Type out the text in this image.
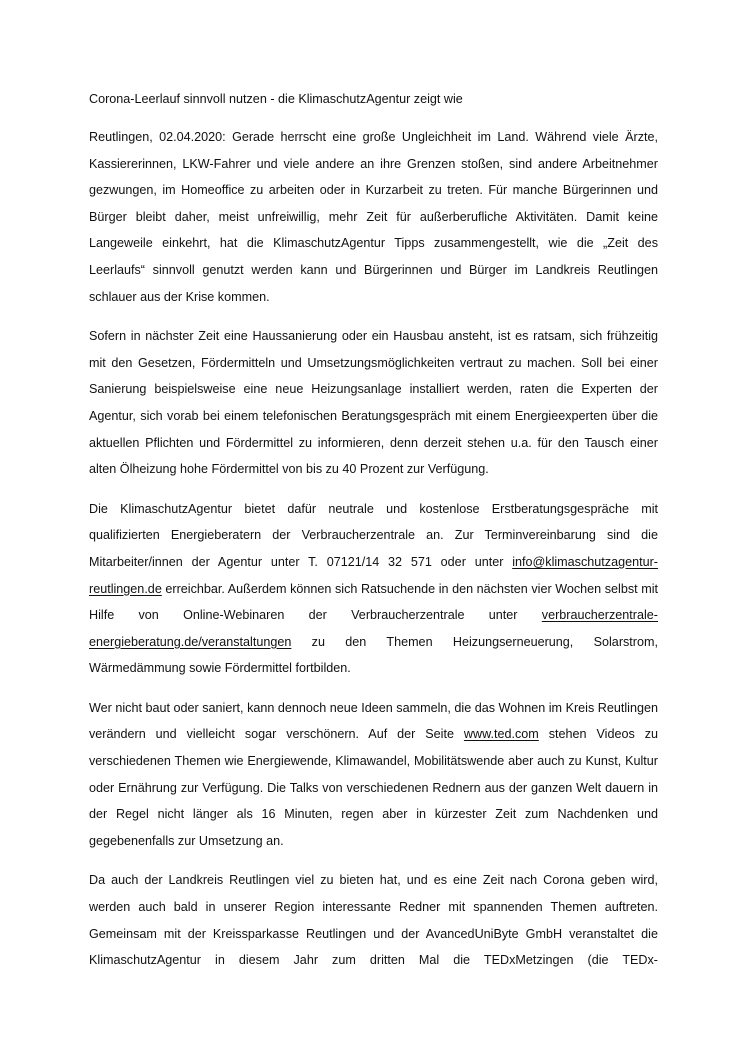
Corona-Leerlauf sinnvoll nutzen - die KlimaschutzAgentur zeigt wie

Reutlingen, 02.04.2020: Gerade herrscht eine große Ungleichheit im Land. Während viele Ärzte, Kassiererinnen, LKW-Fahrer und viele andere an ihre Grenzen stoßen, sind andere Arbeitnehmer gezwungen, im Homeoffice zu arbeiten oder in Kurzarbeit zu treten. Für manche Bürgerinnen und Bürger bleibt daher, meist unfreiwillig, mehr Zeit für außerberufliche Aktivitäten. Damit keine Langeweile einkehrt, hat die KlimaschutzAgentur Tipps zusammengestellt, wie die „Zeit des Leerlaufs“ sinnvoll genutzt werden kann und Bürgerinnen und Bürger im Landkreis Reutlingen schlauer aus der Krise kommen.

Sofern in nächster Zeit eine Haussanierung oder ein Hausbau ansteht, ist es ratsam, sich frühzeitig mit den Gesetzen, Fördermitteln und Umsetzungsmöglichkeiten vertraut zu machen. Soll bei einer Sanierung beispielsweise eine neue Heizungsanlage installiert werden, raten die Experten der Agentur, sich vorab bei einem telefonischen Beratungsgespräch mit einem Energieexperten über die aktuellen Pflichten und Fördermittel zu informieren, denn derzeit stehen u.a. für den Tausch einer alten Ölheizung hohe Fördermittel von bis zu 40 Prozent zur Verfügung.

Die KlimaschutzAgentur bietet dafür neutrale und kostenlose Erstberatungsgespräche mit qualifizierten Energieberatern der Verbraucherzentrale an. Zur Terminvereinbarung sind die Mitarbeiter/innen der Agentur unter T. 07121/14 32 571 oder unter info@klimaschutzagentur-reutlingen.de erreichbar. Außerdem können sich Ratsuchende in den nächsten vier Wochen selbst mit Hilfe von Online-Webinaren der Verbraucherzentrale unter verbraucherzentrale-energieberatung.de/veranstaltungen zu den Themen Heizungserneuerung, Solarstrom, Wärmedämmung sowie Fördermittel fortbilden.

Wer nicht baut oder saniert, kann dennoch neue Ideen sammeln, die das Wohnen im Kreis Reutlingen verändern und vielleicht sogar verschönern. Auf der Seite www.ted.com stehen Videos zu verschiedenen Themen wie Energiewende, Klimawandel, Mobilitätswende aber auch zu Kunst, Kultur oder Ernährung zur Verfügung. Die Talks von verschiedenen Rednern aus der ganzen Welt dauern in der Regel nicht länger als 16 Minuten, regen aber in kürzester Zeit zum Nachdenken und gegebenenfalls zur Umsetzung an.

Da auch der Landkreis Reutlingen viel zu bieten hat, und es eine Zeit nach Corona geben wird, werden auch bald in unserer Region interessante Redner mit spannenden Themen auftreten. Gemeinsam mit der Kreissparkasse Reutlingen und der AvancedUniByte GmbH veranstaltet die KlimaschutzAgentur in diesem Jahr zum dritten Mal die TEDxMetzingen (die TEDx-
